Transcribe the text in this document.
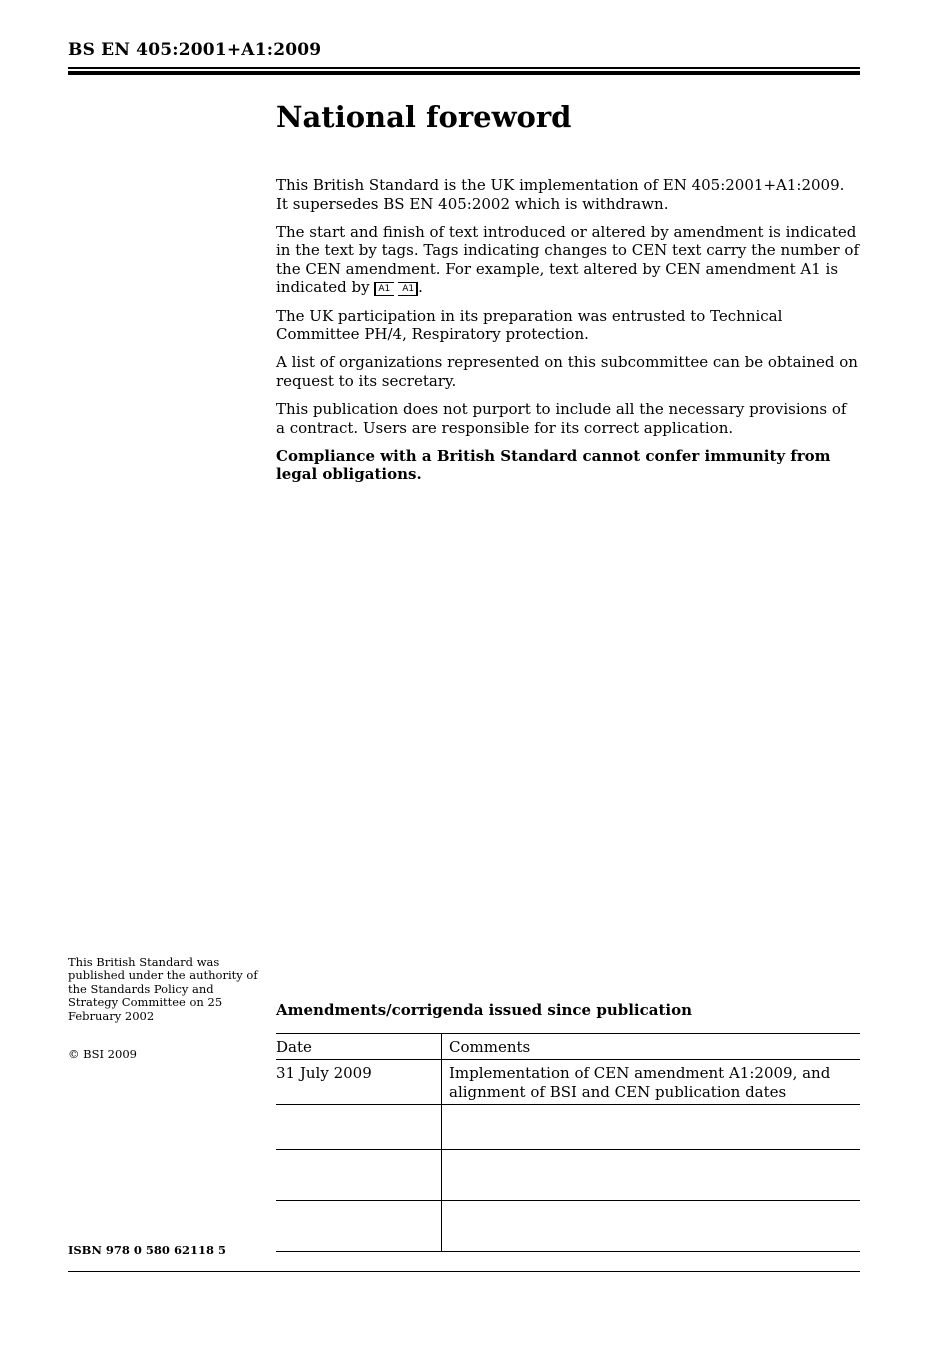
BS EN 405:2001+A1:2009
National foreword

This British Standard is the UK implementation of EN 405:2001+A1:2009. It supersedes BS EN 405:2002 which is withdrawn.

The start and finish of text introduced or altered by amendment is indicated in the text by tags. Tags indicating changes to CEN text carry the number of the CEN amendment. For example, text altered by CEN amendment A1 is indicated by A1 A1 .

The UK participation in its preparation was entrusted to Technical Committee PH/4, Respiratory protection.

A list of organizations represented on this subcommittee can be obtained on request to its secretary.

This publication does not purport to include all the necessary provisions of a contract. Users are responsible for its correct application.

Compliance with a British Standard cannot confer immunity from legal obligations.

This British Standard was published under the authority of the Standards Policy and Strategy Committee on 25 February 2002
© BSI 2009
ISBN 978 0 580 62118 5
Amendments/corrigenda issued since publication
Date	Comments
31 July 2009	Implementation of CEN amendment A1:2009, and alignment of BSI and CEN publication dates
